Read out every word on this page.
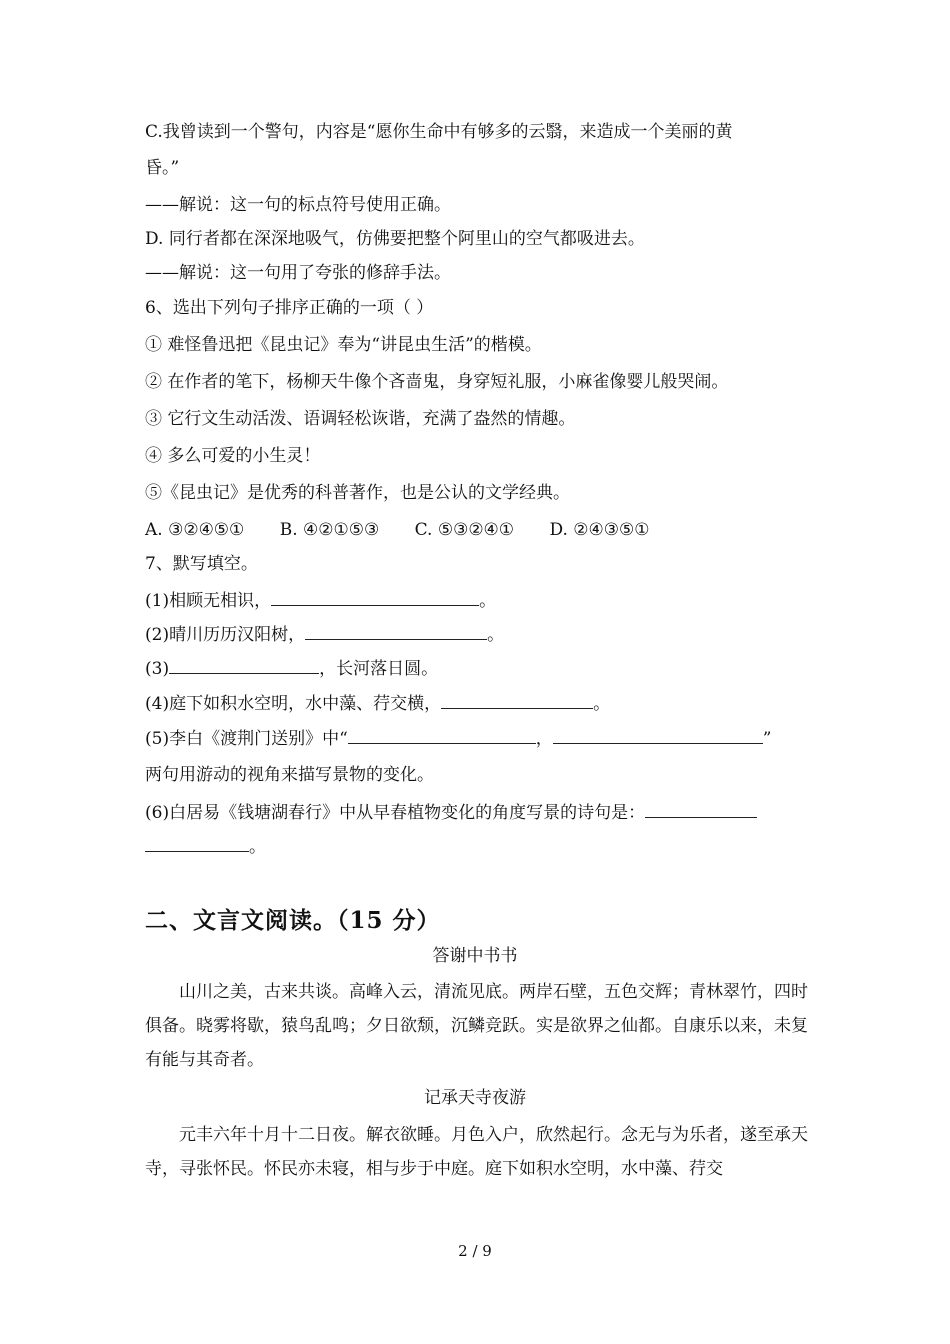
C.我曾读到一个警句，内容是“愿你生命中有够多的云翳，来造成一个美丽的黄
昏。”
——解说：这一句的标点符号使用正确。
D. 同行者都在深深地吸气，仿佛要把整个阿里山的空气都吸进去。
——解说：这一句用了夸张的修辞手法。
6、选出下列句子排序正确的一项（ ）
① 难怪鲁迅把《昆虫记》奉为“讲昆虫生活”的楷模。
② 在作者的笔下，杨柳天牛像个吝啬鬼，身穿短礼服，小麻雀像婴儿般哭闹。
③ 它行文生动活泼、语调轻松诙谐，充满了盎然的情趣。
④ 多么可爱的小生灵！
⑤《昆虫记》是优秀的科普著作，也是公认的文学经典。
A. ③②④⑤① B. ④②①⑤③ C. ⑤③②④① D. ②④③⑤①
7、默写填空。
(1)相顾无相识，	。
(2)晴川历历汉阳树，	。
(3)	，长河落日圆。
(4)庭下如积水空明，水中藻、荇交横，	。
(5)李白《渡荆门送别》中“	，	”
两句用游动的视角来描写景物的变化。
(6)白居易《钱塘湖春行》中从早春植物变化的角度写景的诗句是：
。
二、文言文阅读。（15 分）
答谢中书书
山川之美，古来共谈。高峰入云，清流见底。两岸石壁，五色交辉；青林翠竹，四时俱备。晓雾将歇，猿鸟乱鸣；夕日欲颓，沉鳞竞跃。实是欲界之仙都。自康乐以来，未复有能与其奇者。
记承天寺夜游
元丰六年十月十二日夜。解衣欲睡。月色入户，欣然起行。念无与为乐者，遂至承天寺，寻张怀民。怀民亦未寝，相与步于中庭。庭下如积水空明，水中藻、荇交
2 / 9
